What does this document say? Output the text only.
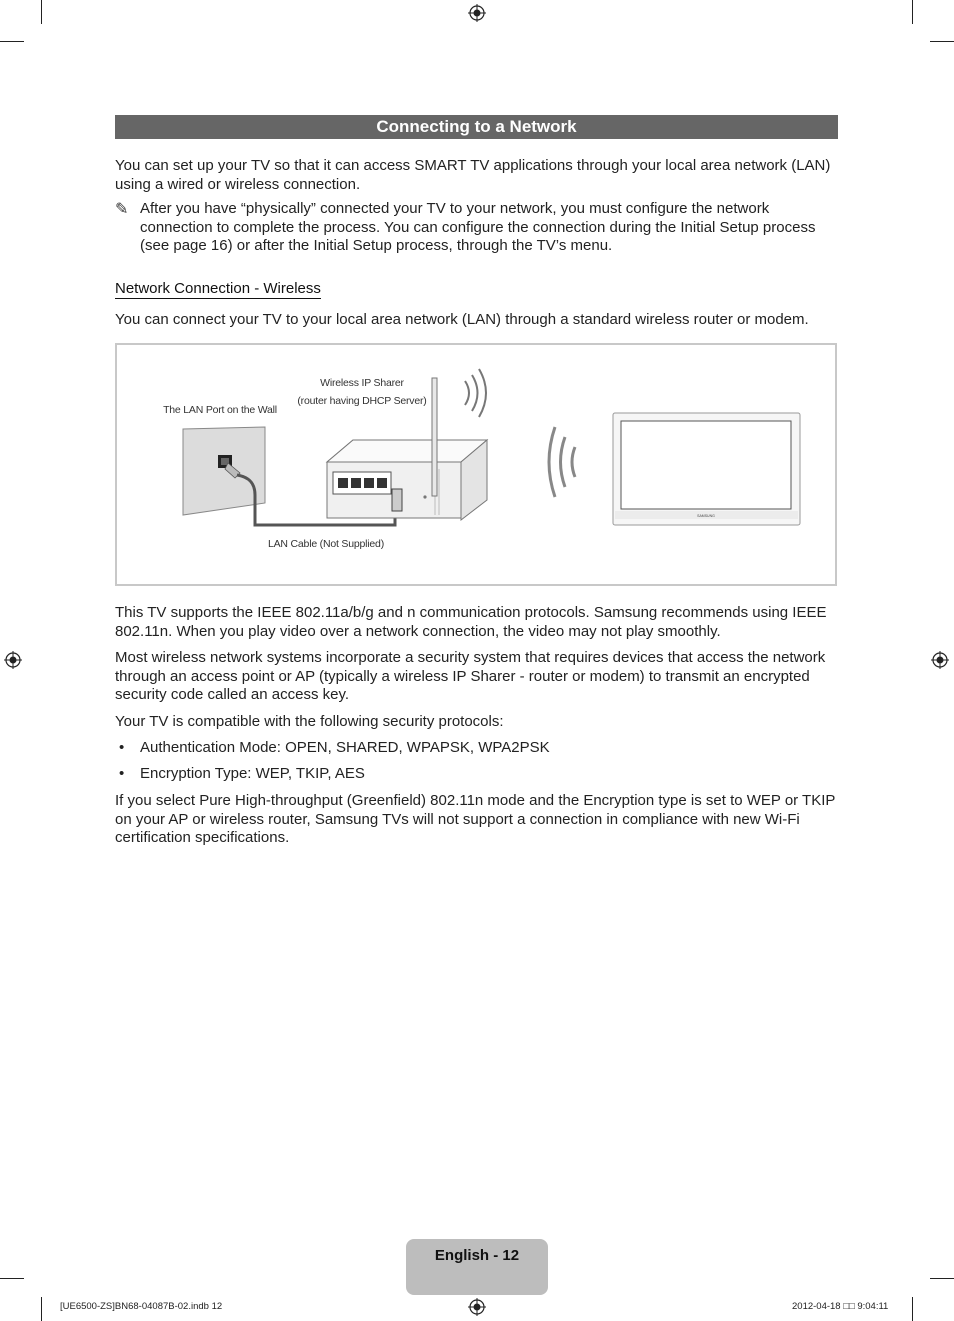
Connecting to a Network
You can set up your TV so that it can access SMART TV applications through your local area network (LAN) using a wired or wireless connection.
✎ After you have “physically” connected your TV to your network, you must configure the network connection to complete the process. You can configure the connection during the Initial Setup process (see page 16) or after the Initial Setup process, through the TV’s menu.
Network Connection - Wireless
You can connect your TV to your local area network (LAN) through a standard wireless router or modem.
SAMSUNG
The LAN Port on the Wall
Wireless IP Sharer
(router having DHCP Server)
LAN Cable (Not Supplied)
This TV supports the IEEE 802.11a/b/g and n communication protocols. Samsung recommends using IEEE 802.11n. When you play video over a network connection, the video may not play smoothly.
Most wireless network systems incorporate a security system that requires devices that access the network through an access point or AP (typically a wireless IP Sharer - router or modem) to transmit an encrypted security code called an access key.
Your TV is compatible with the following security protocols:
• Authentication Mode: OPEN, SHARED, WPAPSK, WPA2PSK
• Encryption Type: WEP, TKIP, AES
If you select Pure High-throughput (Greenfield) 802.11n mode and the Encryption type is set to WEP or TKIP on your AP or wireless router, Samsung TVs will not support a connection in compliance with new Wi-Fi certification specifications.
English - 12
[UE6500-ZS]BN68-04087B-02.indb 12	2012-04-18 □□ 9:04:11
